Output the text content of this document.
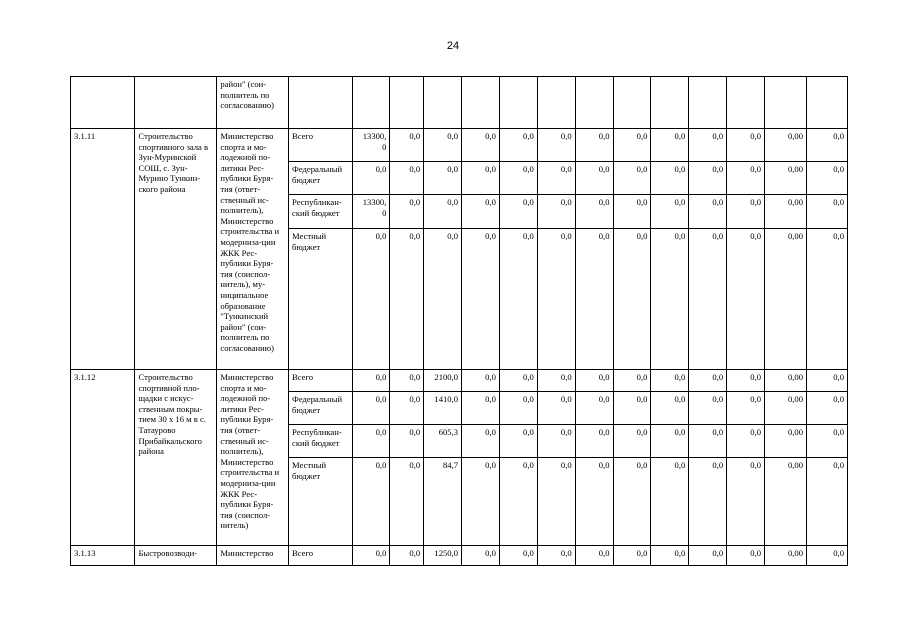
24
		район" (сои-
полнитель по
согласованию)														
3.1.11	Строительство спортивного зала в Зун-Муринской СОШ, с. Зун-Мурино Тункин-ского района	Министерство спорта и мо-лодежной по-литики Рес-публики Буря-тия (ответ-ственный ис-полнитель), Министерство строительства и модерниза-ции ЖКК Рес-публики Буря-тия (соиспол-нитель), му-ниципальное образование "Тункинский район" (сои-полнитель по согласованию)	Всего	13300,
0	0,0	0,0	0,0	0,0	0,0	0,0	0,0	0,0	0,0	0,0	0,00	0,0
			Федеральный бюджет	0,0	0,0	0,0	0,0	0,0	0,0	0,0	0,0	0,0	0,0	0,0	0,00	0,0
			Республикан-ский бюджет	13300,
0	0,0	0,0	0,0	0,0	0,0	0,0	0,0	0,0	0,0	0,0	0,00	0,0
			Местный бюджет	0,0	0,0	0,0	0,0	0,0	0,0	0,0	0,0	0,0	0,0	0,0	0,00	0,0
3.1.12	Строительство спортивной пло-щадки с искус-ственным покры-тием 30 х 16 м в с. Татаурово Прибайкальского района	Министерство спорта и мо-лодежной по-литики Рес-публики Буря-тия (ответ-ственный ис-полнитель), Министерство строительства и модерниза-ции ЖКК Рес-публики Буря-тия (соиспол-нитель)	Всего	0,0	0,0	2100,0	0,0	0,0	0,0	0,0	0,0	0,0	0,0	0,0	0,00	0,0
			Федеральный бюджет	0,0	0,0	1410,0	0,0	0,0	0,0	0,0	0,0	0,0	0,0	0,0	0,00	0,0
			Республикан-ский бюджет	0,0	0,0	605,3	0,0	0,0	0,0	0,0	0,0	0,0	0,0	0,0	0,00	0,0
			Местный бюджет	0,0	0,0	84,7	0,0	0,0	0,0	0,0	0,0	0,0	0,0	0,0	0,00	0,0
3.1.13	Быстровозводи-	Министерство	Всего	0,0	0,0	1250,0	0,0	0,0	0,0	0,0	0,0	0,0	0,0	0,0	0,00	0,0
